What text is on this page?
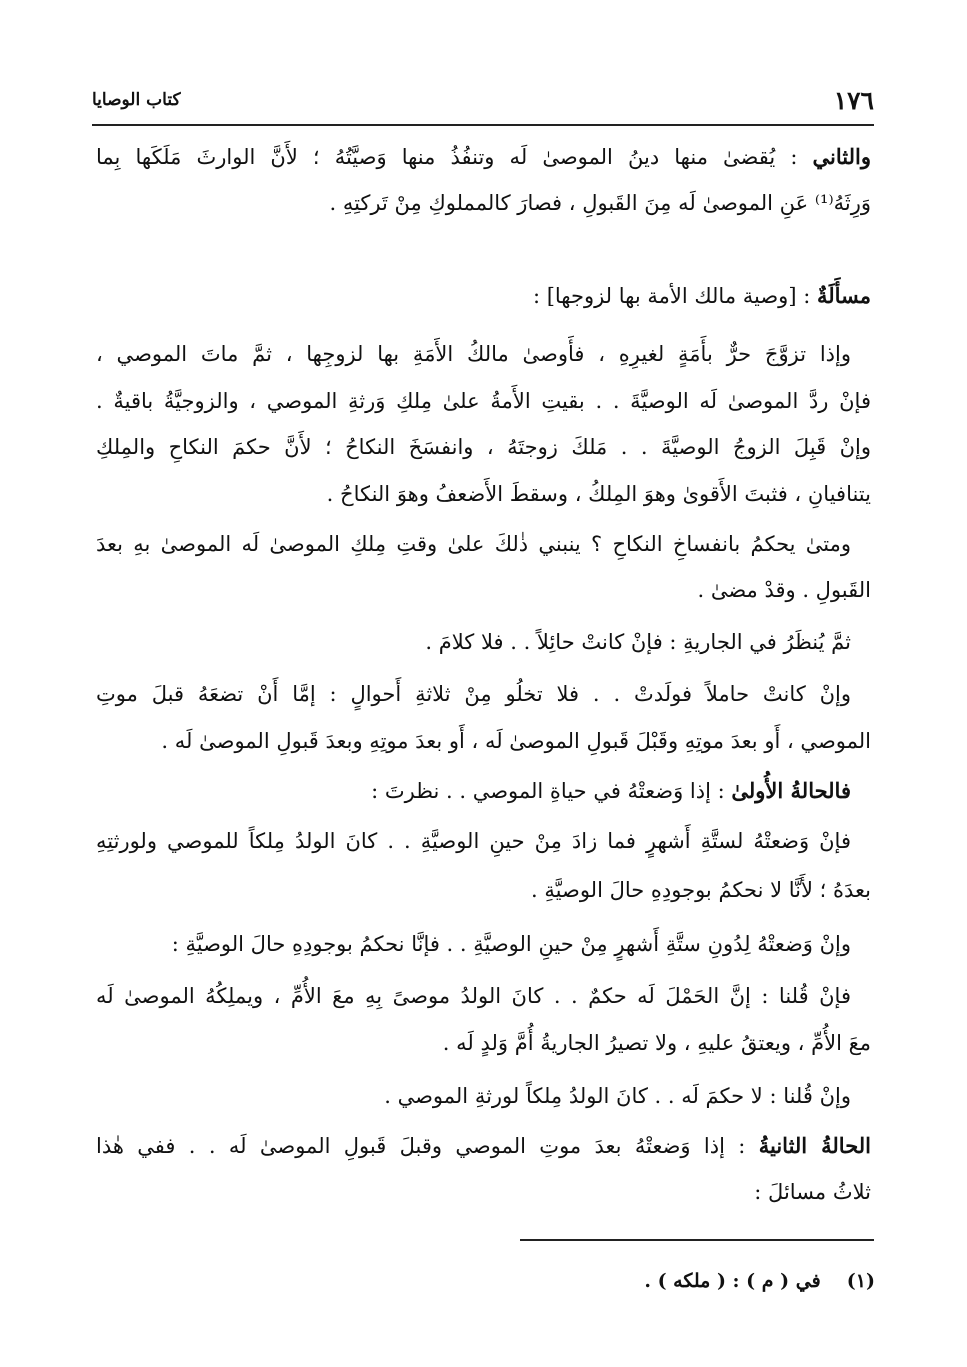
١٧٦
كتاب الوصايا
والثاني : يُقضىٰ منها دينُ الموصىٰ لَه وتنفُذُ منها وَصيَّتُهُ ؛ لأَنَّ الوارثَ مَلَكَها بِما
وَرِثَهُ⁽¹⁾ عَنِ الموصىٰ لَه مِنَ القَبولِ ، فصارَ كالمملوكِ مِنْ تَركتِهِ .
مسأَلَةٌ : [وصية مالك الأمة بها لزوجها] :
وإذا تزوَّجَ حرٌّ بأَمَةٍ لغيرِهِ ، فأَوصىٰ مالكُ الأَمَةِ بها لزوجِها ، ثمَّ ماتَ الموصي ،
فإنْ ردَّ الموصىٰ لَه الوصيَّةَ . . بقيتِ الأَمةُ علىٰ مِلكِ وَرثةِ الموصي ، والزوجيَّةُ باقيةٌ .
وإنْ قَبِلَ الزوجُ الوصيَّةَ . . مَلكَ زوجتَهُ ، وانفسَخَ النكاحُ ؛ لأَنَّ حكمَ النكاحِ والمِلكِ
يتنافيانِ ، فثبتَ الأَقوىٰ وهوَ المِلكُ ، وسقطَ الأَضعفُ وهوَ النكاحُ .
ومتىٰ يحكمُ بانفساخِ النكاحِ ؟ ينبني ذٰلكَ علىٰ وقتِ مِلكِ الموصىٰ لَه الموصىٰ بهِ بعدَ
القَبولِ . وقدْ مضىٰ .
ثمَّ يُنظَرُ في الجاريةِ : فإنْ كانتْ حائِلاً . . فلا كلامَ .
وإنْ كانتْ حاملاً فولَدتْ . . فلا تخلُو مِنْ ثلاثةِ أَحوالٍ : إمَّا أَنْ تضعَهُ قبلَ موتِ
الموصي ، أَو بعدَ موتِهِ وقَبْلَ قَبولِ الموصىٰ لَه ، أَو بعدَ موتِهِ وبعدَ قَبولِ الموصىٰ لَه .
فالحالةُ الأُولىٰ : إذا وَضعتْهُ في حياةِ الموصي . . نظرتَ :
فإنْ وَضعتْهُ لستَّةِ أَشهرٍ فما زادَ مِنْ حينِ الوصيَّةِ . . كانَ الولدُ مِلكاً للموصي ولورثتِهِ
بعدَهُ ؛ لأَنَّا لا نحكمُ بوجودِهِ حالَ الوصيَّةِ .
وإنْ وَضعتْهُ لِدُونِ ستَّةِ أَشهرٍ مِنْ حينِ الوصيَّةِ . . فإنَّا نحكمُ بوجودِهِ حالَ الوصيَّةِ :
فإنْ قُلنا : إنَّ الحَمْلَ لَه حكمٌ . . كانَ الولدُ موصىً بِهِ معَ الأُمِّ ، ويملِكُهُ الموصىٰ لَه
معَ الأُمِّ ، ويعتقُ عليهِ ، ولا تصيرُ الجاريةُ أُمَّ وَلدٍ لَه .
وإنْ قُلنا : لا حكمَ لَه . . كانَ الولدُ مِلكاً لورثةِ الموصي .
الحالةُ الثانيةُ : إذا وَضعتْهُ بعدَ موتِ الموصي وقبلَ قَبولِ الموصىٰ لَه . . ففي هٰذا
ثلاثُ مسائلَ :
(١)  في ( م ) : ( ملكه ) .
